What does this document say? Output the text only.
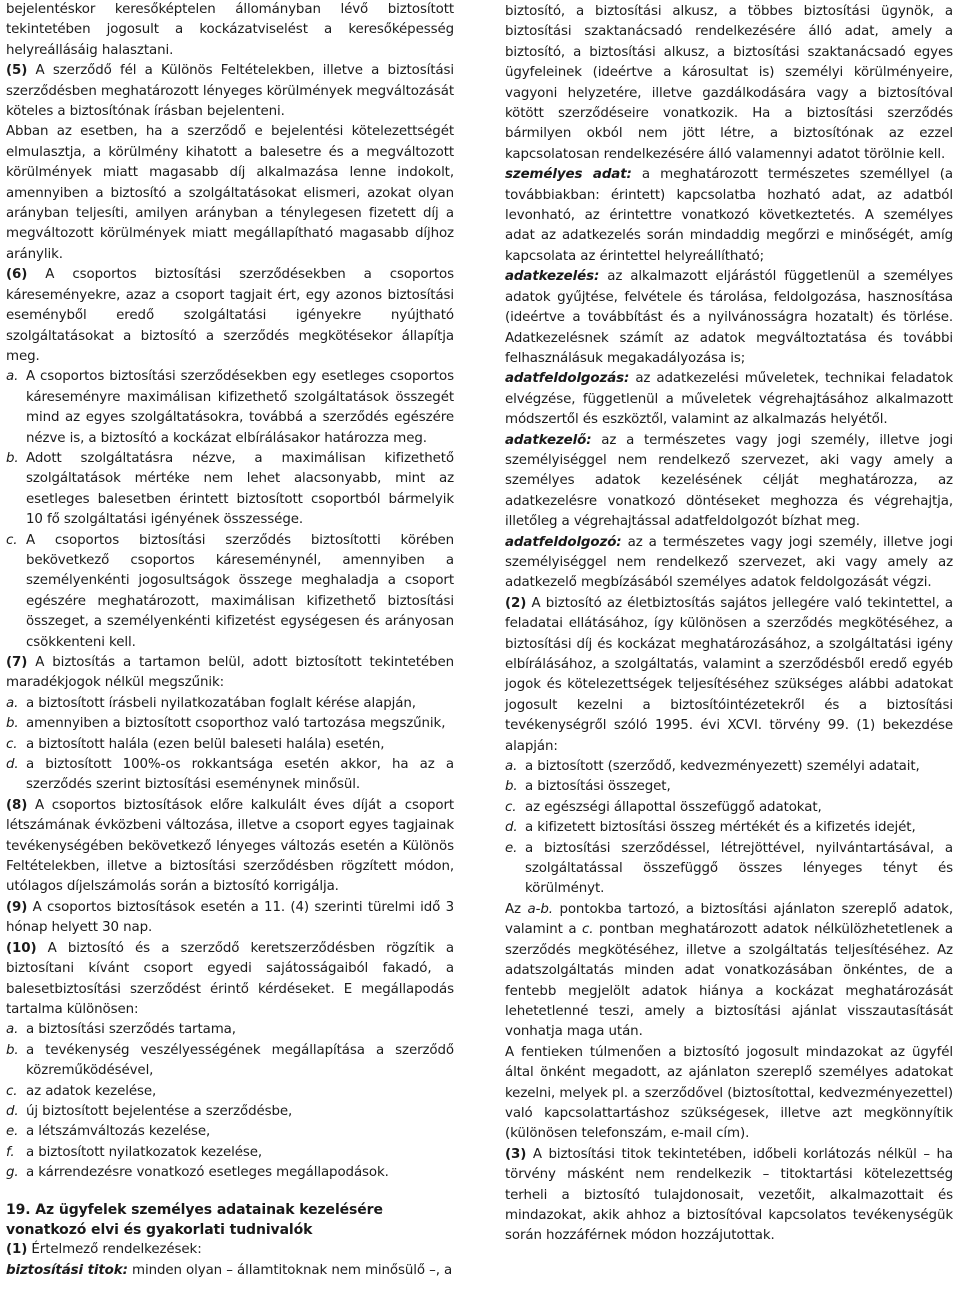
bejelentéskor keresőképtelen állományban lévő biztosított tekintetében jogosult a kockázatviselést a keresőképesség helyreállásáig halasztani.

(5) A szerződő fél a Különös Feltételekben, illetve a biztosítási szerződésben meghatározott lényeges körülmények megváltozását köteles a biztosítónak írásban bejelenteni.

Abban az esetben, ha a szerződő e bejelentési kötelezettségét elmulasztja, a körülmény kihatott a balesetre és a megváltozott körülmények miatt magasabb díj alkalmazása lenne indokolt, amennyiben a biztosító a szolgáltatásokat elismeri, azokat olyan arányban teljesíti, amilyen arányban a ténylegesen fizetett díj a megváltozott körülmények miatt megállapítható magasabb díjhoz aránylik.

(6) A csoportos biztosítási szerződésekben a csoportos káreseményekre, azaz a csoport tagjait ért, egy azonos biztosítási eseményből eredő szolgáltatási igényekre nyújtható szolgáltatásokat a biztosító a szerződés megkötésekor állapítja meg.

a. A csoportos biztosítási szerződésekben egy esetleges csoportos káreseményre maximálisan kifizethető szolgáltatások összegét mind az egyes szolgáltatásokra, továbbá a szerződés egészére nézve is, a biztosító a kockázat elbírálásakor határozza meg.
b. Adott szolgáltatásra nézve, a maximálisan kifizethető szolgáltatások mértéke nem lehet alacsonyabb, mint az esetleges balesetben érintett biztosított csoportból bármelyik 10 fő szolgáltatási igényének összessége.
c. A csoportos biztosítási szerződés biztosítotti körében bekövetkező csoportos káreseménynél, amennyiben a személyenkénti jogosultságok összege meghaladja a csoport egészére meghatározott, maximálisan kifizethető biztosítási összeget, a személyenkénti kifizetést egységesen és arányosan csökkenteni kell.

(7) A biztosítás a tartamon belül, adott biztosított tekintetében maradékjogok nélkül megszűnik:

a. a biztosított írásbeli nyilatkozatában foglalt kérése alapján,
b. amennyiben a biztosított csoporthoz való tartozása megszűnik,
c. a biztosított halála (ezen belül baleseti halála) esetén,
d. a biztosított 100%-os rokkantsága esetén akkor, ha az a szerződés szerint biztosítási eseménynek minősül.

(8) A csoportos biztosítások előre kalkulált éves díját a csoport létszámának évközbeni változása, illetve a csoport egyes tagjainak tevékenységében bekövetkező lényeges változás esetén a Különös Feltételekben, illetve a biztosítási szerződésben rögzített módon, utólagos díjelszámolás során a biztosító korrigálja.

(9) A csoportos biztosítások esetén a 11. (4) szerinti türelmi idő 3 hónap helyett 30 nap.

(10) A biztosító és a szerződő keretszerződésben rögzítik a biztosítani kívánt csoport egyedi sajátosságaiból fakadó, a balesetbiztosítási szerződést érintő kérdéseket. E megállapodás tartalma különösen:

a. a biztosítási szerződés tartama,
b. a tevékenység veszélyességének megállapítása a szerződő közreműködésével,
c. az adatok kezelése,
d. új biztosított bejelentése a szerződésbe,
e. a létszámváltozás kezelése,
f. a biztosított nyilatkozatok kezelése,
g. a kárrendezésre vonatkozó esetleges megállapodások.
19. Az ügyfelek személyes adatainak kezelésére vonatkozó elvi és gyakorlati tudnivalók

(1) Értelmező rendelkezések:

biztosítási titok: minden olyan – államtitoknak nem minősülő –, a

biztosító, a biztosítási alkusz, a többes biztosítási ügynök, a biztosítási szaktanácsadó rendelkezésére álló adat, amely a biztosító, a biztosítási alkusz, a biztosítási szaktanácsadó egyes ügyfeleinek (ideértve a károsultat is) személyi körülményeire, vagyoni helyzetére, illetve gazdálkodására vagy a biztosítóval kötött szerződéseire vonatkozik. Ha a biztosítási szerződés bármilyen okból nem jött létre, a biztosítónak az ezzel kapcsolatosan rendelkezésére álló valamennyi adatot törölnie kell.

személyes adat: a meghatározott természetes személlyel (a továbbiakban: érintett) kapcsolatba hozható adat, az adatból levonható, az érintettre vonatkozó következtetés. A személyes adat az adatkezelés során mindaddig megőrzi e minőségét, amíg kapcsolata az érintettel helyreállítható;

adatkezelés: az alkalmazott eljárástól függetlenül a személyes adatok gyűjtése, felvétele és tárolása, feldolgozása, hasznosítása (ideértve a továbbítást és a nyilvánosságra hozatalt) és törlése. Adatkezelésnek számít az adatok megváltoztatása és további felhasználásuk megakadályozása is;

adatfeldolgozás: az adatkezelési műveletek, technikai feladatok elvégzése, függetlenül a műveletek végrehajtásához alkalmazott módszertől és eszköztől, valamint az alkalmazás helyétől.

adatkezelő: az a természetes vagy jogi személy, illetve jogi személyiséggel nem rendelkező szervezet, aki vagy amely a személyes adatok kezelésének célját meghatározza, az adatkezelésre vonatkozó döntéseket meghozza és végrehajtja, illetőleg a végrehajtással adatfeldolgozót bízhat meg.

adatfeldolgozó: az a természetes vagy jogi személy, illetve jogi személyiséggel nem rendelkező szervezet, aki vagy amely az adatkezelő megbízásából személyes adatok feldolgozását végzi.

(2) A biztosító az életbiztosítás sajátos jellegére való tekintettel, a feladatai ellátásához, így különösen a szerződés megkötéséhez, a biztosítási díj és kockázat meghatározásához, a szolgáltatási igény elbírálásához, a szolgáltatás, valamint a szerződésből eredő egyéb jogok és kötelezettségek teljesítéséhez szükséges alábbi adatokat jogosult kezelni a biztosítóintézetekről és a biztosítási tevékenységről szóló 1995. évi XCVI. törvény 99. (1) bekezdése alapján:

a. a biztosított (szerződő, kedvezményezett) személyi adatait,
b. a biztosítási összeget,
c. az egészségi állapottal összefüggő adatokat,
d. a kifizetett biztosítási összeg mértékét és a kifizetés idejét,
e. a biztosítási szerződéssel, létrejöttével, nyilvántartásával, a szolgáltatással összefüggő összes lényeges tényt és körülményt.

Az a-b. pontokba tartozó, a biztosítási ajánlaton szereplő adatok, valamint a c. pontban meghatározott adatok nélkülözhetetlenek a szerződés megkötéséhez, illetve a szolgáltatás teljesítéséhez. Az adatszolgáltatás minden adat vonatkozásában önkéntes, de a fentebb megjelölt adatok hiánya a kockázat meghatározását lehetetlenné teszi, amely a biztosítási ajánlat visszautasítását vonhatja maga után.

A fentieken túlmenően a biztosító jogosult mindazokat az ügyfél által önként megadott, az ajánlaton szereplő személyes adatokat kezelni, melyek pl. a szerződővel (biztosítottal, kedvezményezettel) való kapcsolattartáshoz szükségesek, illetve azt megkönnyítik (különösen telefonszám, e-mail cím).

(3) A biztosítási titok tekintetében, időbeli korlátozás nélkül – ha törvény másként nem rendelkezik – titoktartási kötelezettség terheli a biztosító tulajdonosait, vezetőit, alkalmazottait és mindazokat, akik ahhoz a biztosítóval kapcsolatos tevékenységük során hozzáférnek módon hozzájutottak.
